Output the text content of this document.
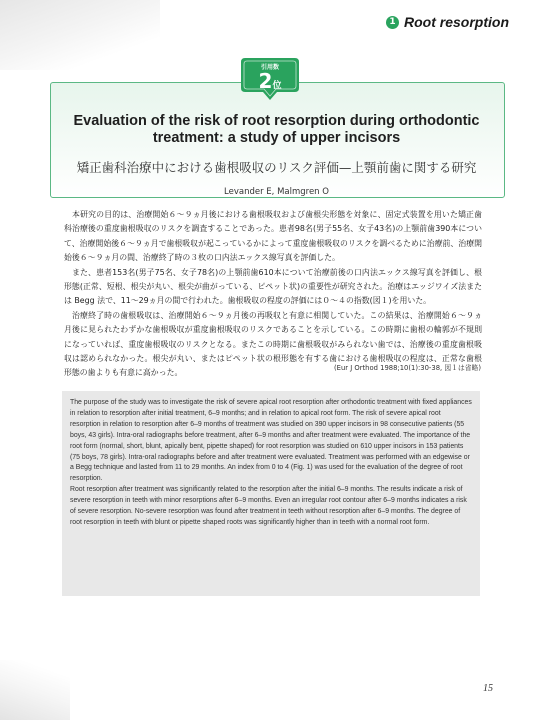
1 Root resorption
引用数
2位
Evaluation of the risk of root resorption during orthodontic treatment: a study of upper incisors
矯正歯科治療中における歯根吸収のリスク評価—上顎前歯に関する研究
Levander E, Malmgren O

本研究の目的は、治療開始６～９ヵ月後における歯根吸収および歯根尖形態を対象に、固定式装置を用いた矯正歯科治療後の重度歯根吸収のリスクを調査することであった。患者98名(男子55名、女子43名)の上顎前歯390本について、治療開始後６～９ヵ月で歯根吸収が起こっているかによって重度歯根吸収のリスクを調べるために治療前、治療開始後６～９ヵ月の間、治療終了時の３枚の口内法エックス線写真を評価した。

また、患者153名(男子75名、女子78名)の上顎前歯610本について治療前後の口内法エックス線写真を評価し、根形態(正常、短根、根尖が丸い、根尖が曲がっている、ピペット状)の重要性が研究された。治療はエッジワイズ法または Begg 法で、11～29ヵ月の間で行われた。歯根吸収の程度の評価には０～４の指数(図１)を用いた。

治療終了時の歯根吸収は、治療開始６～９ヵ月後の再吸収と有意に相関していた。この結果は、治療開始６～９ヵ月後に見られたわずかな歯根吸収が重度歯根吸収のリスクであることを示している。この時期に歯根の輪郭が不規則になっていれば、重度歯根吸収のリスクとなる。またこの時期に歯根吸収がみられない歯では、治療後の重度歯根吸収は認められなかった。根尖が丸い、またはピペット状の根形態を有する歯における歯根吸収の程度は、正常な歯根形態の歯よりも有意に高かった。

(Eur J Orthod 1988;10(1):30-38, 図１は省略)

The purpose of the study was to investigate the risk of severe apical root resorption after orthodontic treatment with fixed appliances in relation to resorption after initial treatment, 6–9 months; and in relation to apical root form. The risk of severe apical root resorption in relation to resorption after 6–9 months of treatment was studied on 390 upper incisors in 98 consecutive patients (55 boys, 43 girls). Intra-oral radiographs before treatment, after 6–9 months and after treatment were evaluated. The importance of the root form (normal, short, blunt, apically bent, pipette shaped) for root resorption was studied on 610 upper incisors in 153 patients (75 boys, 78 girls). Intra-oral radiographs before and after treatment were evaluated. Treatment was performed with an edgewise or a Begg technique and lasted from 11 to 29 months. An index from 0 to 4 (Fig. 1) was used for the evaluation of the degree of root resorption.

Root resorption after treatment was significantly related to the resorption after the initial 6–9 months. The results indicate a risk of severe resorption in teeth with minor resorptions after 6–9 months. Even an irregular root contour after 6–9 months indicates a risk of severe resorption. No-severe resorption was found after treatment in teeth without resorption after 6–9 months. The degree of root resorption in teeth with blunt or pipette shaped roots was significantly higher than in teeth with a normal root form.

15
